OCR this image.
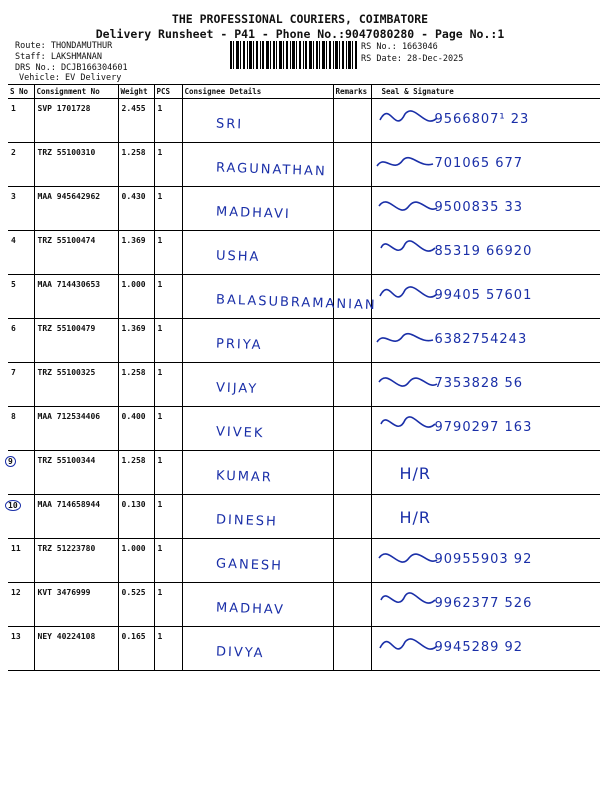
THE PROFESSIONAL COURIERS, COIMBATORE
Delivery Runsheet - P41 - Phone No.:9047080280 - Page No.:1
Route: THONDAMUTHUR
Staff: LAKSHMANAN
DRS No.: DCJB166304601
Vehicle: EV Delivery
RS No.: 1663046
RS Date: 28-Dec-2025
S No	Consignment No	Weight	PCS	Consignee Details	Remarks	Seal & Signature
1	SVP 1701728	2.455	1	SRI		9566807¹ 23

2	TRZ 55100310	1.258	1	RAGUNATHAN		701065 677

3	MAA 945642962	0.430	1	MADHAVI		9500835 33

4	TRZ 55100474	1.369	1	USHA		85319 66920

5	MAA 714430653	1.000	1	BALASUBRAMANIAN		99405 57601

6	TRZ 55100479	1.369	1	PRIYA		6382754243

7	TRZ 55100325	1.258	1	VIJAY		7353828 56

8	MAA 712534406	0.400	1	VIVEK		9790297 163

9	TRZ 55100344	1.258	1	KUMAR		H/R

10	MAA 714658944	0.130	1	DINESH		H/R

11	TRZ 51223780	1.000	1	GANESH		90955903 92

12	KVT 3476999	0.525	1	MADHAV		9962377 526

13	NEY 40224108	0.165	1	DIVYA		9945289 92
